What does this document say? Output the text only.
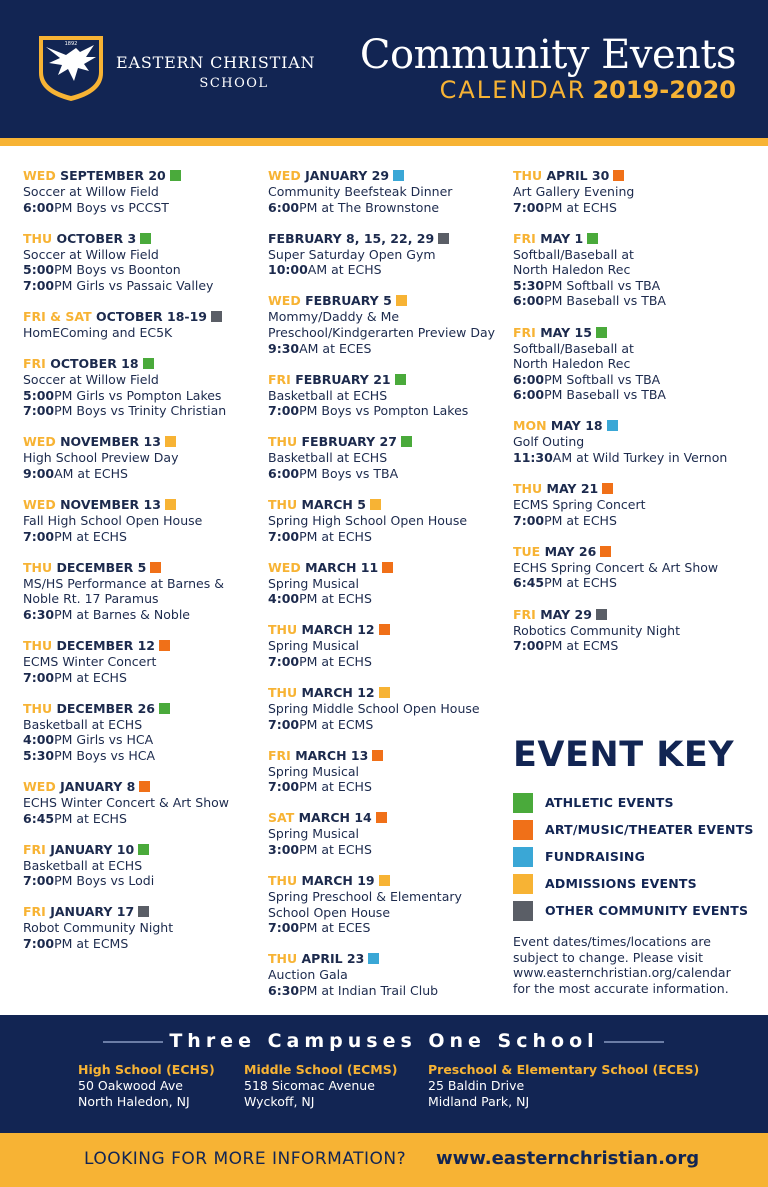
1892
EASTERN CHRISTIAN
SCHOOL
Community Events
CALENDAR 2019-2020
WED SEPTEMBER 20
Soccer at Willow Field
6:00PM Boys vs PCCST
THU OCTOBER 3
Soccer at Willow Field
5:00PM Boys vs Boonton
7:00PM Girls vs Passaic Valley
FRI & SAT OCTOBER 18-19
HomEComing and EC5K
FRI OCTOBER 18
Soccer at Willow Field
5:00PM Girls vs Pompton Lakes
7:00PM Boys vs Trinity Christian
WED NOVEMBER 13
High School Preview Day
9:00AM at ECHS
WED NOVEMBER 13
Fall High School Open House
7:00PM at ECHS
THU DECEMBER 5
MS/HS Performance at Barnes &
Noble Rt. 17 Paramus
6:30PM at Barnes & Noble
THU DECEMBER 12
ECMS Winter Concert
7:00PM at ECHS
THU DECEMBER 26
Basketball at ECHS
4:00PM Girls vs HCA
5:30PM Boys vs HCA
WED JANUARY 8
ECHS Winter Concert & Art Show
6:45PM at ECHS
FRI JANUARY 10
Basketball at ECHS
7:00PM Boys vs Lodi
FRI JANUARY 17
Robot Community Night
7:00PM at ECMS
WED JANUARY 29
Community Beefsteak Dinner
6:00PM at The Brownstone
FEBRUARY 8, 15, 22, 29
Super Saturday Open Gym
10:00AM at ECHS
WED FEBRUARY 5
Mommy/Daddy & Me
Preschool/Kindgerarten Preview Day
9:30AM at ECES
FRI FEBRUARY 21
Basketball at ECHS
7:00PM Boys vs Pompton Lakes
THU FEBRUARY 27
Basketball at ECHS
6:00PM Boys vs TBA
THU MARCH 5
Spring High School Open House
7:00PM at ECHS
WED MARCH 11
Spring Musical
4:00PM at ECHS
THU MARCH 12
Spring Musical
7:00PM at ECHS
THU MARCH 12
Spring Middle School Open House
7:00PM at ECMS
FRI MARCH 13
Spring Musical
7:00PM at ECHS
SAT MARCH 14
Spring Musical
3:00PM at ECHS
THU MARCH 19
Spring Preschool & Elementary
School Open House
7:00PM at ECES
THU APRIL 23
Auction Gala
6:30PM at Indian Trail Club
THU APRIL 30
Art Gallery Evening
7:00PM at ECHS
FRI MAY 1
Softball/Baseball at
North Haledon Rec
5:30PM Softball vs TBA
6:00PM Baseball vs TBA
FRI MAY 15
Softball/Baseball at
North Haledon Rec
6:00PM Softball vs TBA
6:00PM Baseball vs TBA
MON MAY 18
Golf Outing
11:30AM at Wild Turkey in Vernon
THU MAY 21
ECMS Spring Concert
7:00PM at ECHS
TUE MAY 26
ECHS Spring Concert & Art Show
6:45PM at ECHS
FRI MAY 29
Robotics Community Night
7:00PM at ECMS
EVENT KEY
ATHLETIC EVENTS
ART/MUSIC/THEATER EVENTS
FUNDRAISING
ADMISSIONS EVENTS
OTHER COMMUNITY EVENTS
Event dates/times/locations are
subject to change. Please visit
www.easternchristian.org/calendar
for the most accurate information.
Three Campuses One School
High School (ECHS)
50 Oakwood Ave
North Haledon, NJ
Middle School (ECMS)
518 Sicomac Avenue
Wyckoff, NJ
Preschool & Elementary School (ECES)
25 Baldin Drive
Midland Park, NJ
LOOKING FOR MORE INFORMATION? www.easternchristian.org
